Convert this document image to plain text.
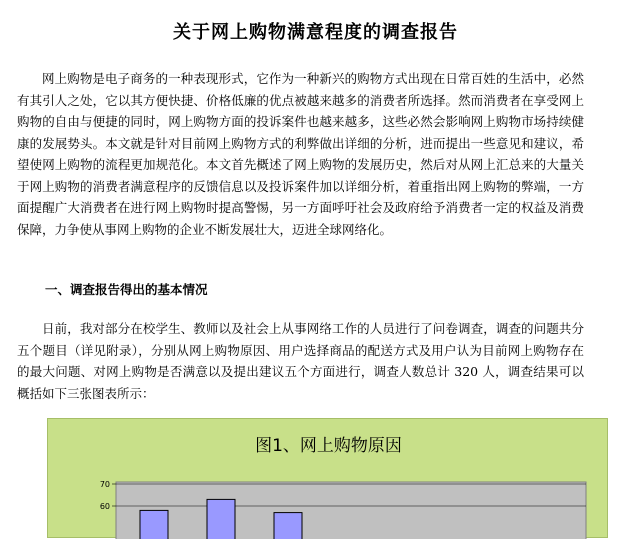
关于网上购物满意程度的调查报告
网上购物是电子商务的一种表现形式，它作为一种新兴的购物方式出现在日常百姓的生活中，必然有其引人之处，它以其方便快捷、价格低廉的优点被越来越多的消费者所选择。然而消费者在享受网上购物的自由与便捷的同时，网上购物方面的投诉案件也越来越多，这些必然会影响网上购物市场持续健康的发展势头。本文就是针对目前网上购物方式的利弊做出详细的分析，进而提出一些意见和建议，希望使网上购物的流程更加规范化。本文首先概述了网上购物的发展历史，然后对从网上汇总来的大量关于网上购物的消费者满意程序的反馈信息以及投诉案件加以详细分析，着重指出网上购物的弊端，一方面提醒广大消费者在进行网上购物时提高警惕，另一方面呼吁社会及政府给予消费者一定的权益及消费保障，力争使从事网上购物的企业不断发展壮大，迈进全球网络化。
一、调查报告得出的基本情况
日前，我对部分在校学生、教师以及社会上从事网络工作的人员进行了问卷调查，调查的问题共分五个题目（详见附录），分别从网上购物原因、用户选择商品的配送方式及用户认为目前网上购物存在的最大问题、对网上购物是否满意以及提出建议五个方面进行，调查人数总计 320 人，调查结果可以概括如下三张图表所示：
图1、网上购物原因
70
60
